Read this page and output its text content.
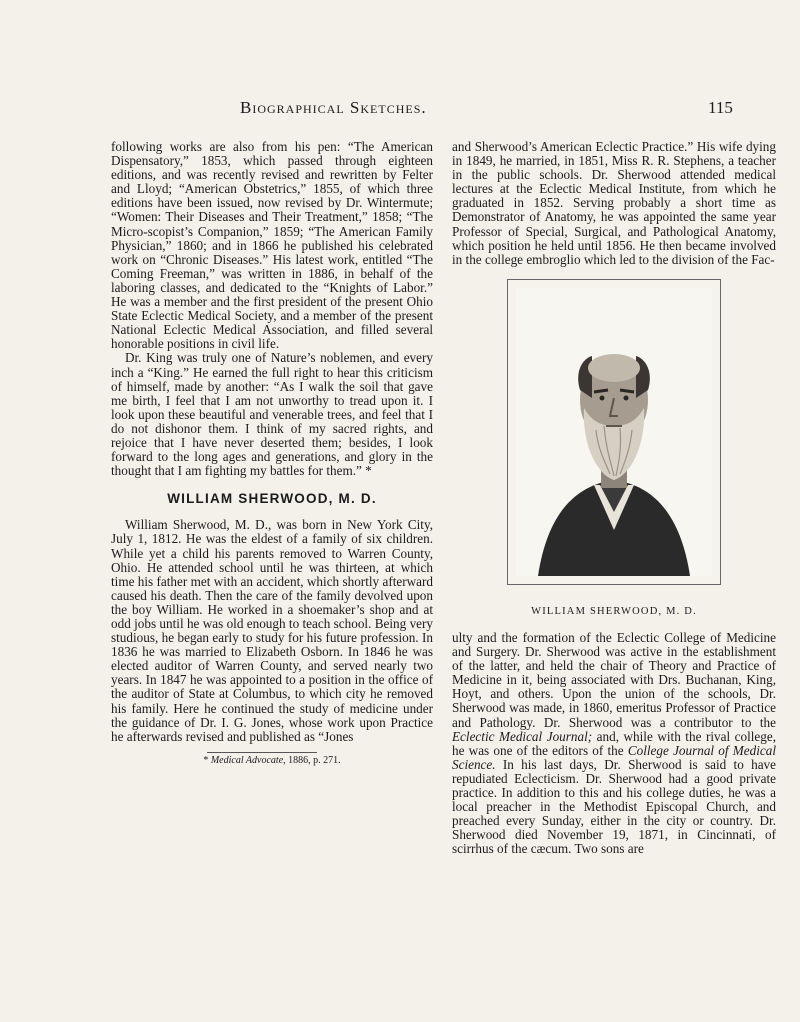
Biographical Sketches.	115

following works are also from his pen: “The American Dispensatory,” 1853, which passed through eighteen editions, and was recently revised and rewritten by Felter and Lloyd; “American Obstetrics,” 1855, of which three editions have been issued, now revised by Dr. Wintermute; “Women: Their Diseases and Their Treatment,” 1858; “The Micro-scopist’s Companion,” 1859; “The American Family Physician,” 1860; and in 1866 he published his celebrated work on “Chronic Diseases.” His latest work, entitled “The Coming Freeman,” was written in 1886, in behalf of the laboring classes, and dedicated to the “Knights of Labor.” He was a member and the first president of the present Ohio State Eclectic Medical Society, and a member of the present National Eclectic Medical Association, and filled several honorable positions in civil life.

Dr. King was truly one of Nature’s noblemen, and every inch a “King.” He earned the full right to hear this criticism of himself, made by another: “As I walk the soil that gave me birth, I feel that I am not unworthy to tread upon it. I look upon these beautiful and venerable trees, and feel that I do not dishonor them. I think of my sacred rights, and rejoice that I have never deserted them; besides, I look forward to the long ages and generations, and glory in the thought that I am fighting my battles for them.” *

WILLIAM SHERWOOD, M. D.

William Sherwood, M. D., was born in New York City, July 1, 1812. He was the eldest of a family of six children. While yet a child his parents removed to Warren County, Ohio. He attended school until he was thirteen, at which time his father met with an accident, which shortly afterward caused his death. Then the care of the family devolved upon the boy William. He worked in a shoemaker’s shop and at odd jobs until he was old enough to teach school. Being very studious, he began early to study for his future profession. In 1836 he was married to Elizabeth Osborn. In 1846 he was elected auditor of Warren County, and served nearly two years. In 1847 he was appointed to a position in the office of the auditor of State at Columbus, to which city he removed his family. Here he continued the study of medicine under the guidance of Dr. I. G. Jones, whose work upon Practice he afterwards revised and published as “Jones

* Medical Advocate, 1886, p. 271.

and Sherwood’s American Eclectic Practice.” His wife dying in 1849, he married, in 1851, Miss R. R. Stephens, a teacher in the public schools. Dr. Sherwood attended medical lectures at the Eclectic Medical Institute, from which he graduated in 1852. Serving probably a short time as Demonstrator of Anatomy, he was appointed the same year Professor of Special, Surgical, and Pathological Anatomy, which position he held until 1856. He then became involved in the college embroglio which led to the division of the Fac-

WILLIAM SHERWOOD, M. D.

ulty and the formation of the Eclectic College of Medicine and Surgery. Dr. Sherwood was active in the establishment of the latter, and held the chair of Theory and Practice of Medicine in it, being associated with Drs. Buchanan, King, Hoyt, and others. Upon the union of the schools, Dr. Sherwood was made, in 1860, emeritus Professor of Practice and Pathology. Dr. Sherwood was a contributor to the Eclectic Medical Journal; and, while with the rival college, he was one of the editors of the College Journal of Medical Science. In his last days, Dr. Sherwood is said to have repudiated Eclecticism. Dr. Sherwood had a good private practice. In addition to this and his college duties, he was a local preacher in the Methodist Episcopal Church, and preached every Sunday, either in the city or country. Dr. Sherwood died November 19, 1871, in Cincinnati, of scirrhus of the cæcum. Two sons are
